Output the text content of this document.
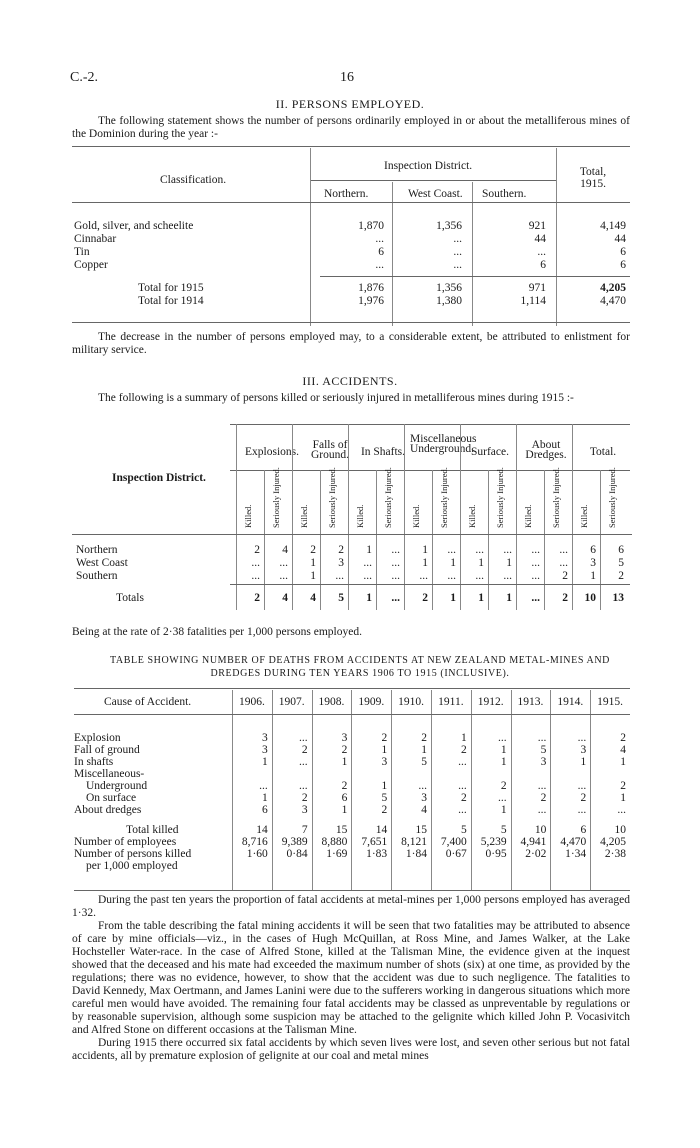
C.-2.	16
II. PERSONS EMPLOYED.

The following statement shows the number of persons ordinarily employed in or about the metalliferous mines of the Dominion during the year :-

Classification.
Inspection District.
Northern.	West Coast. Southern.
Total, 1915.
Gold, silver, and scheelite	1,870	1,356	921	4,149
Cinnabar	...	...	44	44
Tin	6	...	...	6
Copper	...	...	6	6
Total for 1915	1,876	1,356	971	4,205
Total for 1914	1,976	1,380	1,114	4,470

The decrease in the number of persons employed may, to a considerable extent, be attributed to enlistment for military service.

III. ACCIDENTS.

The following is a summary of persons killed or seriously injured in metalliferous mines during 1915 :-

Inspection District.
Explosions.
Falls of Ground.	In Shafts.
Miscellaneous Underground.
Surface.
About Dredges.	Total.
Killed. Seriously Injured. Killed. Seriously Injured. Killed. Seriously Injured. Killed. Seriously Injured. Killed. Seriously Injured. Killed. Seriously Injured. Killed. Seriously Injured.
Northern	2	4	2	2	1	...	1	...	...	...	...	...	6	6
West Coast	...	...	1	3	...	...	1	1	1	1	...	...	3	5
Southern	...	...	1	...	...	...	...	...	...	...	...	2	1	2
Totals	2	4	4	5	1	...	2	1	1	1	...	2	10	13

Being at the rate of 2·38 fatalities per 1,000 persons employed.

TABLE SHOWING NUMBER OF DEATHS FROM ACCIDENTS AT NEW ZEALAND METAL-MINES AND
DREDGES DURING TEN YEARS 1906 TO 1915 (INCLUSIVE).
Cause of Accident.	1906.	1907.	1908.	1909.	1910.	1911.	1912.	1913.	1914.	1915.
Explosion	3	...	3	2	2	1	...	...	...	2
Fall of ground	3	2	2	1	1	2	1	5	3	4
In shafts	1	...	1	3	5	...	1	3	1	1
Miscellaneous-
Underground	...	...	2	1	...	...	2	...	...	2
On surface	1	2	6	5	3	2	...	2	2	1
About dredges	6	3	1	2	4	...	1	...	...	...
Total killed	14	7	15	14	15	5	5	10	6	10
Number of employees	8,716	9,389	8,880	7,651	8,121	7,400	5,239	4,941	4,470	4,205
Number of persons killed	1·60	0·84	1·69	1·83	1·84	0·67	0·95	2·02	1·34	2·38
per 1,000 employed

During the past ten years the proportion of fatal accidents at metal-mines per 1,000 persons employed has averaged 1·32.

From the table describing the fatal mining accidents it will be seen that two fatalities may be attributed to absence of care by mine officials—viz., in the cases of Hugh McQuillan, at Ross Mine, and James Walker, at the Lake Hochsteller Water-race. In the case of Alfred Stone, killed at the Talisman Mine, the evidence given at the inquest showed that the deceased and his mate had exceeded the maximum number of shots (six) at one time, as provided by the regulations; there was no evidence, however, to show that the accident was due to such negligence. The fatalities to David Kennedy, Max Oertmann, and James Lanini were due to the sufferers working in dangerous situations which more careful men would have avoided. The remaining four fatal accidents may be classed as unpreventable by regulations or by reasonable supervision, although some suspicion may be attached to the gelignite which killed John P. Vocasivitch and Alfred Stone on different occasions at the Talisman Mine.

During 1915 there occurred six fatal accidents by which seven lives were lost, and seven other serious but not fatal accidents, all by premature explosion of gelignite at our coal and metal mines
